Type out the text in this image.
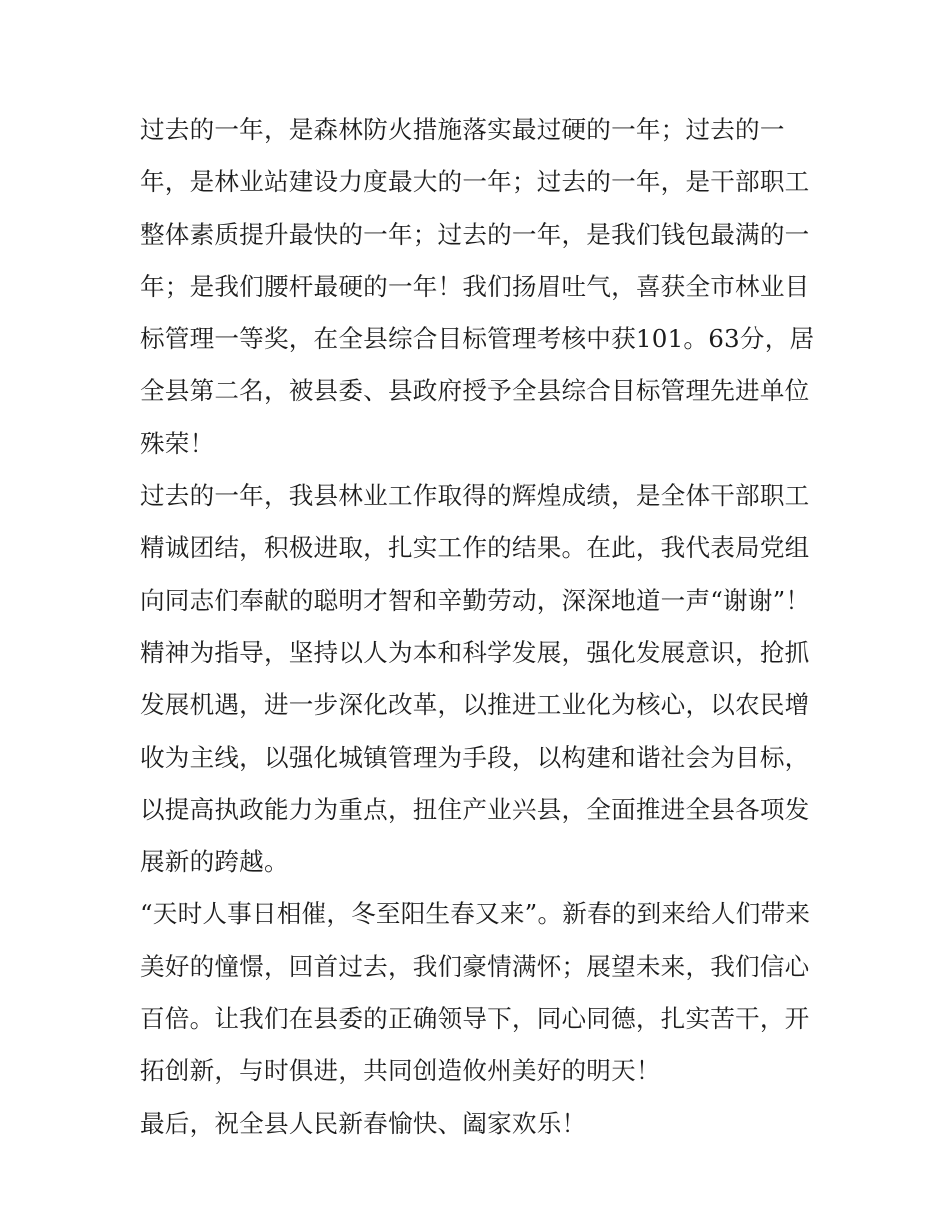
过去的一年，是森林防火措施落实最过硬的一年；过去的一
年，是林业站建设力度最大的一年；过去的一年，是干部职工
整体素质提升最快的一年；过去的一年，是我们钱包最满的一
年；是我们腰杆最硬的一年！我们扬眉吐气，喜获全市林业目
标管理一等奖，在全县综合目标管理考核中获101。63分，居
全县第二名，被县委、县政府授予全县综合目标管理先进单位
殊荣！
过去的一年，我县林业工作取得的辉煌成绩，是全体干部职工
精诚团结，积极进取，扎实工作的结果。在此，我代表局党组
向同志们奉献的聪明才智和辛勤劳动，深深地道一声“谢谢”！
精神为指导，坚持以人为本和科学发展，强化发展意识，抢抓
发展机遇，进一步深化改革，以推进工业化为核心，以农民增
收为主线，以强化城镇管理为手段，以构建和谐社会为目标，
以提高执政能力为重点，扭住产业兴县，全面推进全县各项发
展新的跨越。
“天时人事日相催，冬至阳生春又来”。新春的到来给人们带来
美好的憧憬，回首过去，我们豪情满怀；展望未来，我们信心
百倍。让我们在县委的正确领导下，同心同德，扎实苦干，开
拓创新，与时俱进，共同创造攸州美好的明天！
最后，祝全县人民新春愉快、阖家欢乐！
